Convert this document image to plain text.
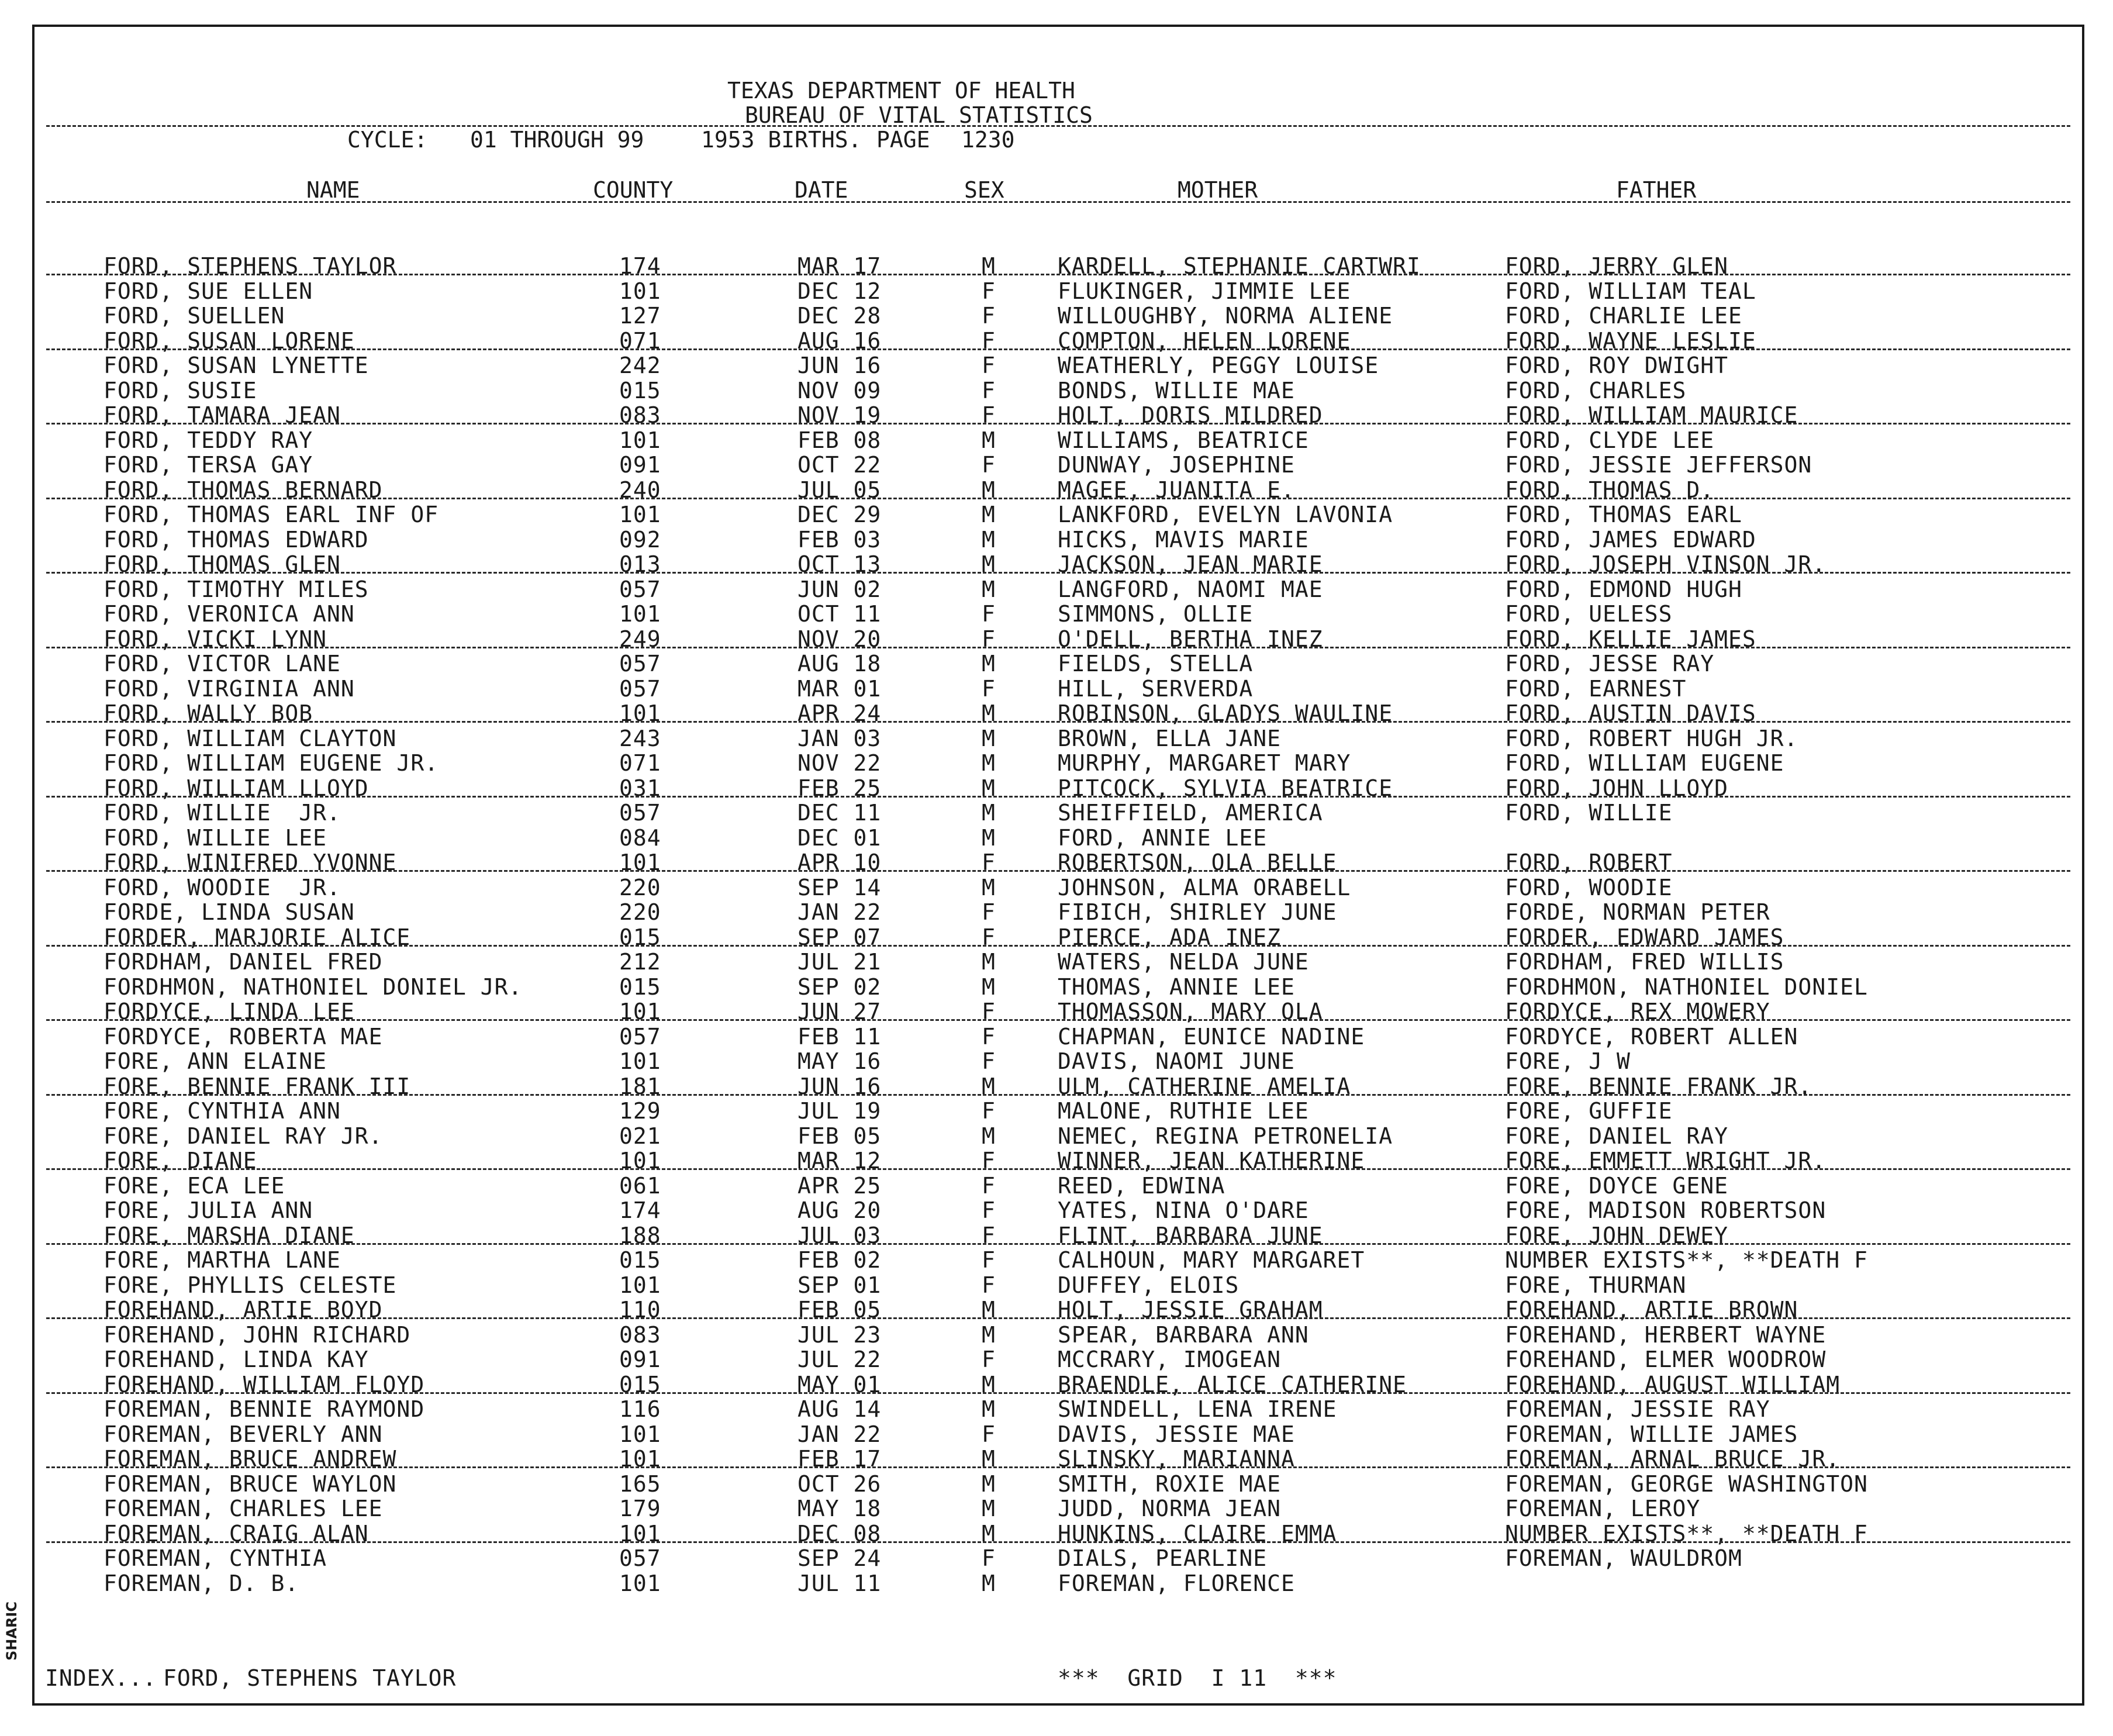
TEXAS DEPARTMENT OF HEALTH
BUREAU OF VITAL STATISTICS
CYCLE: 01 THROUGH 99	1953 BIRTHS. PAGE 1230
NAME	COUNTY	DATE	SEX	MOTHER	FATHER
FORD, STEPHENS TAYLOR	174	MAR 17	M	KARDELL, STEPHANIE CARTWRI	FORD, JERRY GLEN
FORD, SUE ELLEN	101	DEC 12	F	FLUKINGER, JIMMIE LEE	FORD, WILLIAM TEAL
FORD, SUELLEN	127	DEC 28	F	WILLOUGHBY, NORMA ALIENE	FORD, CHARLIE LEE
FORD, SUSAN LORENE	071	AUG 16	F	COMPTON, HELEN LORENE	FORD, WAYNE LESLIE
FORD, SUSAN LYNETTE	242	JUN 16	F	WEATHERLY, PEGGY LOUISE	FORD, ROY DWIGHT
FORD, SUSIE	015	NOV 09	F	BONDS, WILLIE MAE	FORD, CHARLES
FORD, TAMARA JEAN	083	NOV 19	F	HOLT, DORIS MILDRED	FORD, WILLIAM MAURICE
FORD, TEDDY RAY	101	FEB 08	M	WILLIAMS, BEATRICE	FORD, CLYDE LEE
FORD, TERSA GAY	091	OCT 22	F	DUNWAY, JOSEPHINE	FORD, JESSIE JEFFERSON
FORD, THOMAS BERNARD	240	JUL 05	M	MAGEE, JUANITA E.	FORD, THOMAS D.
FORD, THOMAS EARL INF OF	101	DEC 29	M	LANKFORD, EVELYN LAVONIA	FORD, THOMAS EARL
FORD, THOMAS EDWARD	092	FEB 03	M	HICKS, MAVIS MARIE	FORD, JAMES EDWARD
FORD, THOMAS GLEN	013	OCT 13	M	JACKSON, JEAN MARIE	FORD, JOSEPH VINSON JR.
FORD, TIMOTHY MILES	057	JUN 02	M	LANGFORD, NAOMI MAE	FORD, EDMOND HUGH
FORD, VERONICA ANN	101	OCT 11	F	SIMMONS, OLLIE	FORD, UELESS
FORD, VICKI LYNN	249	NOV 20	F	O'DELL, BERTHA INEZ	FORD, KELLIE JAMES
FORD, VICTOR LANE	057	AUG 18	M	FIELDS, STELLA	FORD, JESSE RAY
FORD, VIRGINIA ANN	057	MAR 01	F	HILL, SERVERDA	FORD, EARNEST
FORD, WALLY BOB	101	APR 24	M	ROBINSON, GLADYS WAULINE	FORD, AUSTIN DAVIS
FORD, WILLIAM CLAYTON	243	JAN 03	M	BROWN, ELLA JANE	FORD, ROBERT HUGH JR.
FORD, WILLIAM EUGENE JR.	071	NOV 22	M	MURPHY, MARGARET MARY	FORD, WILLIAM EUGENE
FORD, WILLIAM LLOYD	031	FEB 25	M	PITCOCK, SYLVIA BEATRICE	FORD, JOHN LLOYD
FORD, WILLIE  JR.	057	DEC 11	M	SHEIFFIELD, AMERICA	FORD, WILLIE
FORD, WILLIE LEE	084	DEC 01	M	FORD, ANNIE LEE
FORD, WINIFRED YVONNE	101	APR 10	F	ROBERTSON, OLA BELLE	FORD, ROBERT
FORD, WOODIE  JR.	220	SEP 14	M	JOHNSON, ALMA ORABELL	FORD, WOODIE
FORDE, LINDA SUSAN	220	JAN 22	F	FIBICH, SHIRLEY JUNE	FORDE, NORMAN PETER
FORDER, MARJORIE ALICE	015	SEP 07	F	PIERCE, ADA INEZ	FORDER, EDWARD JAMES
FORDHAM, DANIEL FRED	212	JUL 21	M	WATERS, NELDA JUNE	FORDHAM, FRED WILLIS
FORDHMON, NATHONIEL DONIEL JR.	015	SEP 02	M	THOMAS, ANNIE LEE	FORDHMON, NATHONIEL DONIEL
FORDYCE, LINDA LEE	101	JUN 27	F	THOMASSON, MARY OLA	FORDYCE, REX MOWERY
FORDYCE, ROBERTA MAE	057	FEB 11	F	CHAPMAN, EUNICE NADINE	FORDYCE, ROBERT ALLEN
FORE, ANN ELAINE	101	MAY 16	F	DAVIS, NAOMI JUNE	FORE, J W
FORE, BENNIE FRANK III	181	JUN 16	M	ULM, CATHERINE AMELIA	FORE, BENNIE FRANK JR.
FORE, CYNTHIA ANN	129	JUL 19	F	MALONE, RUTHIE LEE	FORE, GUFFIE
FORE, DANIEL RAY JR.	021	FEB 05	M	NEMEC, REGINA PETRONELIA	FORE, DANIEL RAY
FORE, DIANE	101	MAR 12	F	WINNER, JEAN KATHERINE	FORE, EMMETT WRIGHT JR.
FORE, ECA LEE	061	APR 25	F	REED, EDWINA	FORE, DOYCE GENE
FORE, JULIA ANN	174	AUG 20	F	YATES, NINA O'DARE	FORE, MADISON ROBERTSON
FORE, MARSHA DIANE	188	JUL 03	F	FLINT, BARBARA JUNE	FORE, JOHN DEWEY
FORE, MARTHA LANE	015	FEB 02	F	CALHOUN, MARY MARGARET	NUMBER EXISTS**, **DEATH F
FORE, PHYLLIS CELESTE	101	SEP 01	F	DUFFEY, ELOIS	FORE, THURMAN
FOREHAND, ARTIE BOYD	110	FEB 05	M	HOLT, JESSIE GRAHAM	FOREHAND, ARTIE BROWN
FOREHAND, JOHN RICHARD	083	JUL 23	M	SPEAR, BARBARA ANN	FOREHAND, HERBERT WAYNE
FOREHAND, LINDA KAY	091	JUL 22	F	MCCRARY, IMOGEAN	FOREHAND, ELMER WOODROW
FOREHAND, WILLIAM FLOYD	015	MAY 01	M	BRAENDLE, ALICE CATHERINE	FOREHAND, AUGUST WILLIAM
FOREMAN, BENNIE RAYMOND	116	AUG 14	M	SWINDELL, LENA IRENE	FOREMAN, JESSIE RAY
FOREMAN, BEVERLY ANN	101	JAN 22	F	DAVIS, JESSIE MAE	FOREMAN, WILLIE JAMES
FOREMAN, BRUCE ANDREW	101	FEB 17	M	SLINSKY, MARIANNA	FOREMAN, ARNAL BRUCE JR.
FOREMAN, BRUCE WAYLON	165	OCT 26	M	SMITH, ROXIE MAE	FOREMAN, GEORGE WASHINGTON
FOREMAN, CHARLES LEE	179	MAY 18	M	JUDD, NORMA JEAN	FOREMAN, LEROY
FOREMAN, CRAIG ALAN	101	DEC 08	M	HUNKINS, CLAIRE EMMA	NUMBER EXISTS**, **DEATH F
FOREMAN, CYNTHIA	057	SEP 24	F	DIALS, PEARLINE	FOREMAN, WAULDROM
FOREMAN, D. B.	101	JUL 11	M	FOREMAN, FLORENCE
INDEX... FORD, STEPHENS TAYLOR	***  GRID  I 11  ***
SHARIC
